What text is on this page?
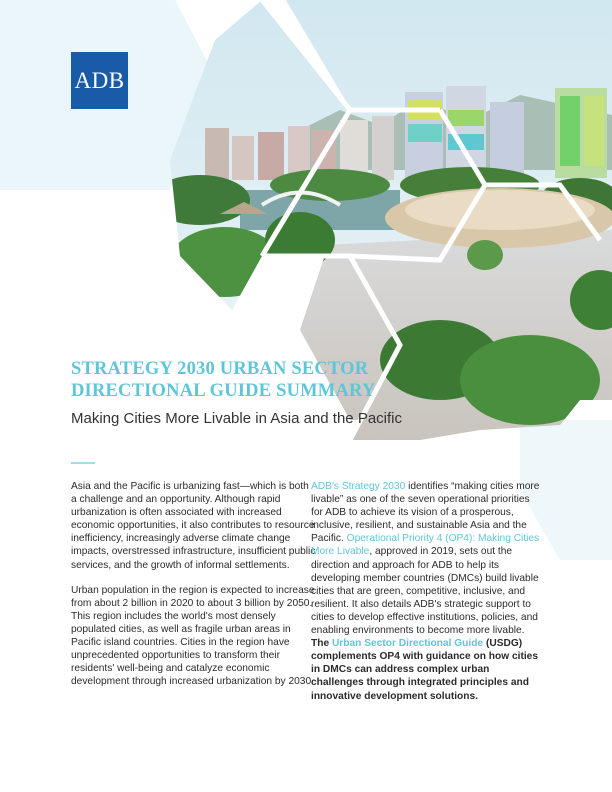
ADB
STRATEGY 2030 URBAN SECTOR
DIRECTIONAL GUIDE SUMMARY
Making Cities More Livable in Asia and the Pacific

Asia and the Pacific is urbanizing fast—which is both a challenge and an opportunity. Although rapid urbanization is often associated with increased economic opportunities, it also contributes to resource inefficiency, increasingly adverse climate change impacts, overstressed infrastructure, insufficient public services, and the growth of informal settlements.

Urban population in the region is expected to increase from about 2 billion in 2020 to about 3 billion by 2050. This region includes the world's most densely populated cities, as well as fragile urban areas in Pacific island countries. Cities in the region have unprecedented opportunities to transform their residents' well-being and catalyze economic development through increased urbanization by 2030.

ADB's Strategy 2030 identifies “making cities more livable” as one of the seven operational priorities for ADB to achieve its vision of a prosperous, inclusive, resilient, and sustainable Asia and the Pacific. Operational Priority 4 (OP4): Making Cities More Livable, approved in 2019, sets out the direction and approach for ADB to help its developing member countries (DMCs) build livable cities that are green, competitive, inclusive, and resilient. It also details ADB's strategic support to cities to develop effective institutions, policies, and enabling environments to become more livable. The Urban Sector Directional Guide (USDG) complements OP4 with guidance on how cities in DMCs can address complex urban challenges through integrated principles and innovative development solutions.
